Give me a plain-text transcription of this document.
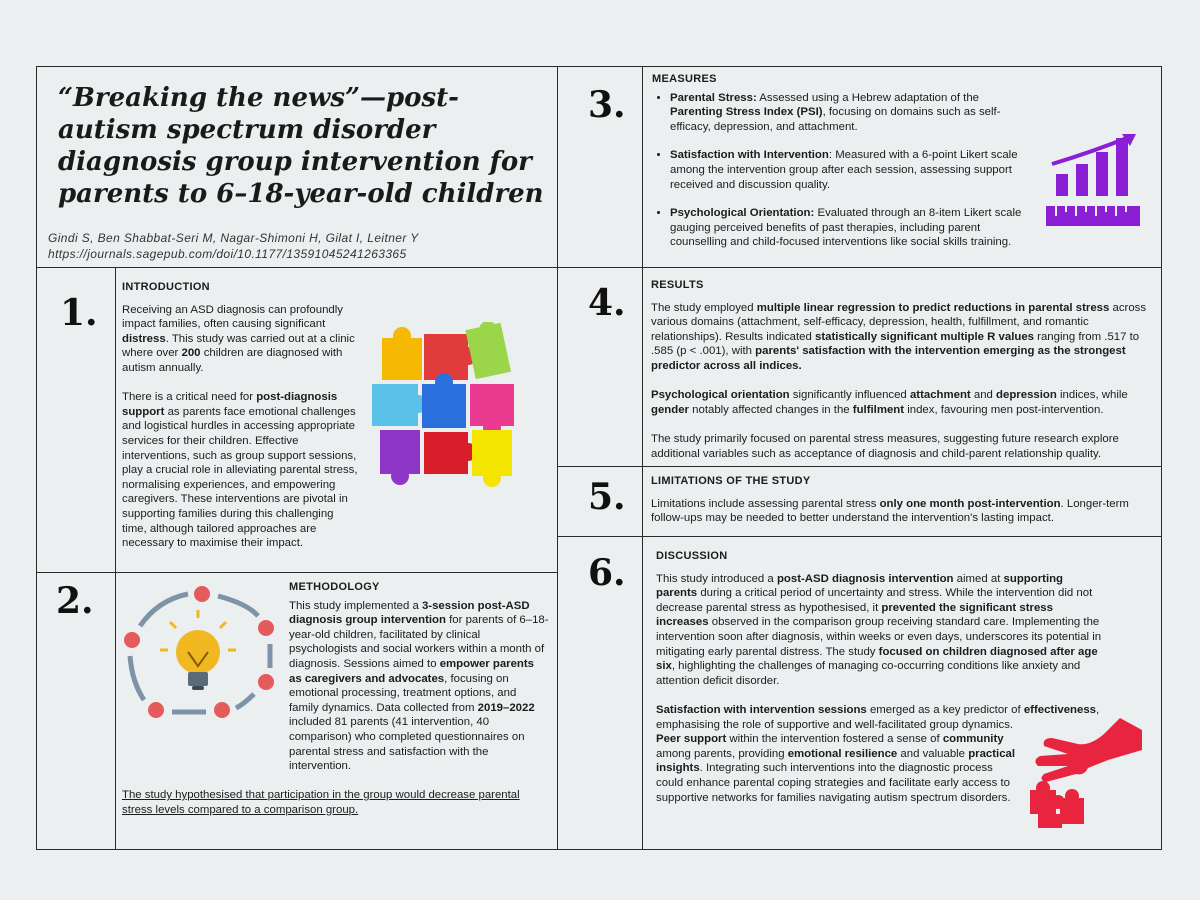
“Breaking the news”—post-autism spectrum disorder diagnosis group intervention for parents to 6–18-year-old children
Gindi S, Ben Shabbat-Seri M, Nagar-Shimoni H, Gilat I, Leitner Y
https://journals.sagepub.com/doi/10.1177/13591045241263365
1.
INTRODUCTION

Receiving an ASD diagnosis can profoundly impact families, often causing significant distress. This study was carried out at a clinic where over 200 children are diagnosed with autism annually.

There is a critical need for post-diagnosis support as parents face emotional challenges and logistical hurdles in accessing appropriate services for their children. Effective interventions, such as group support sessions, play a crucial role in alleviating parental stress, normalising experiences, and empowering caregivers. These interventions are pivotal in supporting families during this challenging time, although tailored approaches are necessary to maximise their impact.

2.	METHODOLOGY

This study implemented a 3-session post-ASD diagnosis group intervention for parents of 6–18-year-old children, facilitated by clinical psychologists and social workers within a month of diagnosis. Sessions aimed to empower parents as caregivers and advocates, focusing on emotional processing, treatment options, and family dynamics. Data collected from 2019–2022 included 81 parents (41 intervention, 40 comparison) who completed questionnaires on parental stress and satisfaction with the intervention.

The study hypothesised that participation in the group would decrease parental stress levels compared to a comparison group.
3.
MEASURES
• Parental Stress: Assessed using a Hebrew adaptation of the Parenting Stress Index (PSI), focusing on domains such as self-efficacy, depression, and attachment.
• Satisfaction with Intervention: Measured with a 6-point Likert scale among the intervention group after each session, assessing support received and discussion quality.
• Psychological Orientation: Evaluated through an 8-item Likert scale gauging perceived benefits of past therapies, including parent counselling and child-focused interventions like social skills training.
4. RESULTS

The study employed multiple linear regression to predict reductions in parental stress across various domains (attachment, self-efficacy, depression, health, fulfillment, and romantic relationships). Results indicated statistically significant multiple R values ranging from .517 to .585 (p < .001), with parents' satisfaction with the intervention emerging as the strongest predictor across all indices.

Psychological orientation significantly influenced attachment and depression indices, while gender notably affected changes in the fulfilment index, favouring men post-intervention.

The study primarily focused on parental stress measures, suggesting future research explore additional variables such as acceptance of diagnosis and child-parent relationship quality.

5. LIMITATIONS OF THE STUDY

Limitations include assessing parental stress only one month post-intervention. Longer-term follow-ups may be needed to better understand the intervention's lasting impact.

6.	DISCUSSION

This study introduced a post-ASD diagnosis intervention aimed at supporting parents during a critical period of uncertainty and stress. While the intervention did not decrease parental stress as hypothesised, it prevented the significant stress increases observed in the comparison group receiving standard care. Implementing the intervention soon after diagnosis, within weeks or even days, underscores its potential in mitigating early parental distress. The study focused on children diagnosed after age six, highlighting the challenges of managing co-occurring conditions like anxiety and attention deficit disorder.

Satisfaction with intervention sessions emerged as a key predictor of effectiveness, emphasising the role of supportive and well-facilitated group dynamics.

Peer support within the intervention fostered a sense of community among parents, providing emotional resilience and valuable practical insights. Integrating such interventions into the diagnostic process could enhance parental coping strategies and facilitate early access to supportive networks for families navigating autism spectrum disorders.
